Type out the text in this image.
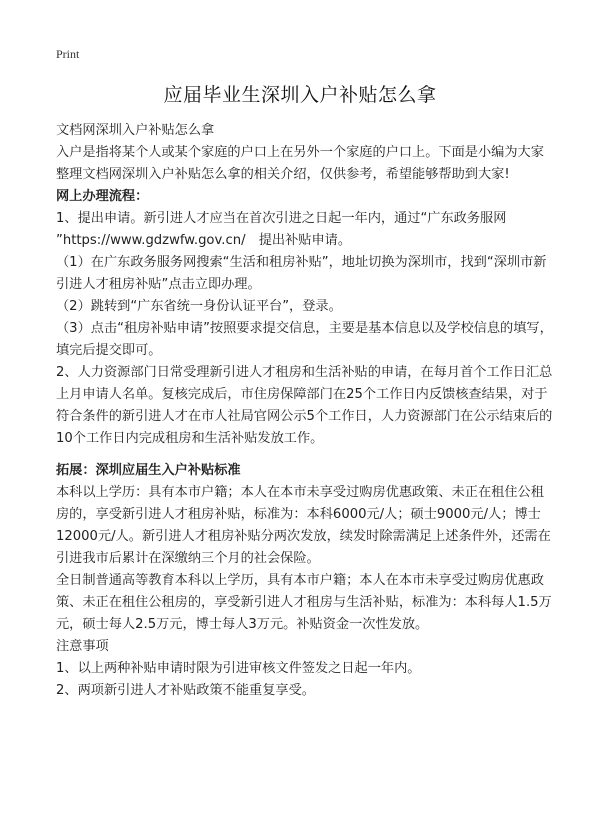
Print
应届毕业生深圳入户补贴怎么拿

文档网深圳入户补贴怎么拿

入户是指将某个人或某个家庭的户口上在另外一个家庭的户口上。下面是小编为大家整理文档网深圳入户补贴怎么拿的相关介绍，仅供参考，希望能够帮助到大家!

网上办理流程：

1、提出申请。新引进人才应当在首次引进之日起一年内，通过“广东政务服网 ”https://www.gdzwfw.gov.cn/　提出补贴申请。

（1）在广东政务服务网搜索“生活和租房补贴”，地址切换为深圳市，找到“深圳市新引进人才租房补贴”点击立即办理。

（2）跳转到“广东省统一身份认证平台”，登录。

（3）点击“租房补贴申请”按照要求提交信息，主要是基本信息以及学校信息的填写，填完后提交即可。

2、人力资源部门日常受理新引进人才租房和生活补贴的申请，在每月首个工作日汇总上月申请人名单。复核完成后，市住房保障部门在25个工作日内反馈核查结果，对于符合条件的新引进人才在市人社局官网公示5个工作日，人力资源部门在公示结束后的10个工作日内完成租房和生活补贴发放工作。

拓展：深圳应届生入户补贴标准

本科以上学历：具有本市户籍；本人在本市未享受过购房优惠政策、未正在租住公租房的，享受新引进人才租房补贴，标准为：本科6000元/人；硕士9000元/人；博士12000元/人。新引进人才租房补贴分两次发放，续发时除需满足上述条件外，还需在引进我市后累计在深缴纳三个月的社会保险。

全日制普通高等教育本科以上学历，具有本市户籍；本人在本市未享受过购房优惠政策、未正在租住公租房的，享受新引进人才租房与生活补贴，标准为：本科每人1.5万元，硕士每人2.5万元，博士每人3万元。补贴资金一次性发放。

注意事项

1、以上两种补贴申请时限为引进审核文件签发之日起一年内。

2、两项新引进人才补贴政策不能重复享受。
